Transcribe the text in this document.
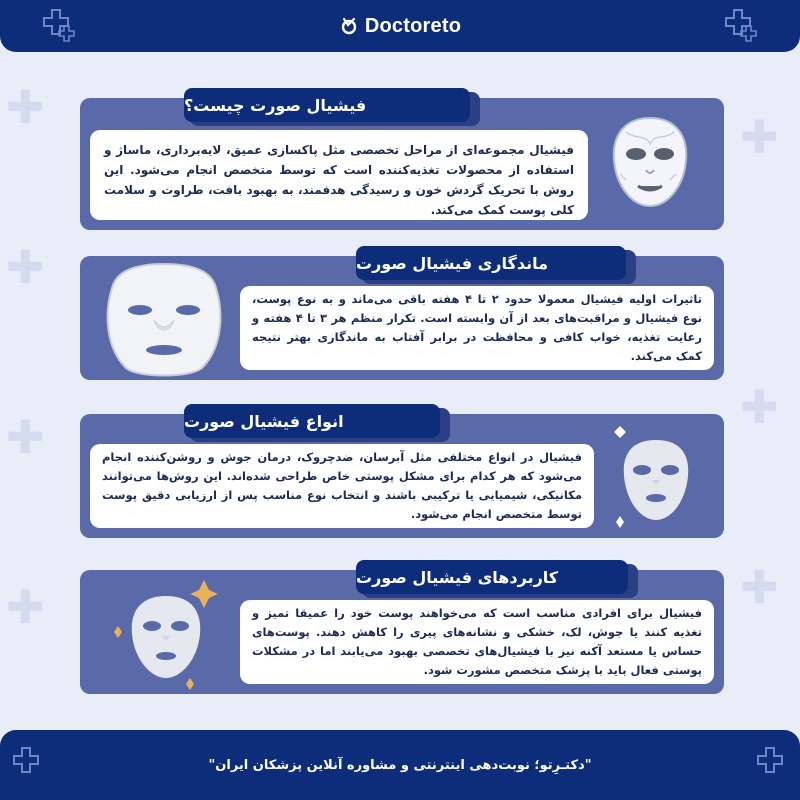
✚
✚
✚
✚
✚
✚
✚
Doctoreto
فیشیال صورت چیست؟
فیشیال مجموعه‌ای از مراحل تخصصی مثل پاکسازی عمیق، لایه‌برداری، ماساژ و استفاده از محصولات تغذیه‌کننده است که توسط متخصص انجام می‌شود. این روش با تحریک گردش خون و رسیدگی هدفمند، به بهبود بافت، طراوت و سلامت کلی پوست کمک می‌کند.
ماندگاری فیشیال صورت
تاثیرات اولیه فیشیال معمولا حدود ۲ تا ۴ هفته باقی می‌ماند و به نوع پوست، نوع فیشیال و مراقبت‌های بعد از آن وابسته است. تکرار منظم هر ۳ تا ۴ هفته و رعایت تغذیه، خواب کافی و محافظت در برابر آفتاب به ماندگاری بهتر نتیجه کمک می‌کند.
انواع فیشیال صورت
فیشیال در انواع مختلفی مثل آبرسان، ضدچروک، درمان جوش و روشن‌کننده انجام می‌شود که هر کدام برای مشکل پوستی خاص طراحی شده‌اند. این روش‌ها می‌توانند مکانیکی، شیمیایی یا ترکیبی باشند و انتخاب نوع مناسب پس از ارزیابی دقیق پوست توسط متخصص انجام می‌شود.
کاربردهای فیشیال صورت
فیشیال برای افرادی مناسب است که می‌خواهند پوست خود را عمیقا تمیز و تغذیه کنند یا جوش، لک، خشکی و نشانه‌های پیری را کاهش دهند. پوست‌های حساس یا مستعد آکنه نیز با فیشیال‌های تخصصی بهبود می‌یابند اما در مشکلات پوستی فعال باید با پزشک متخصص مشورت شود.
"دکتـرِتو؛ نوبت‌دهی اینترنتی و مشاوره آنلاین پزشکان ایران"
